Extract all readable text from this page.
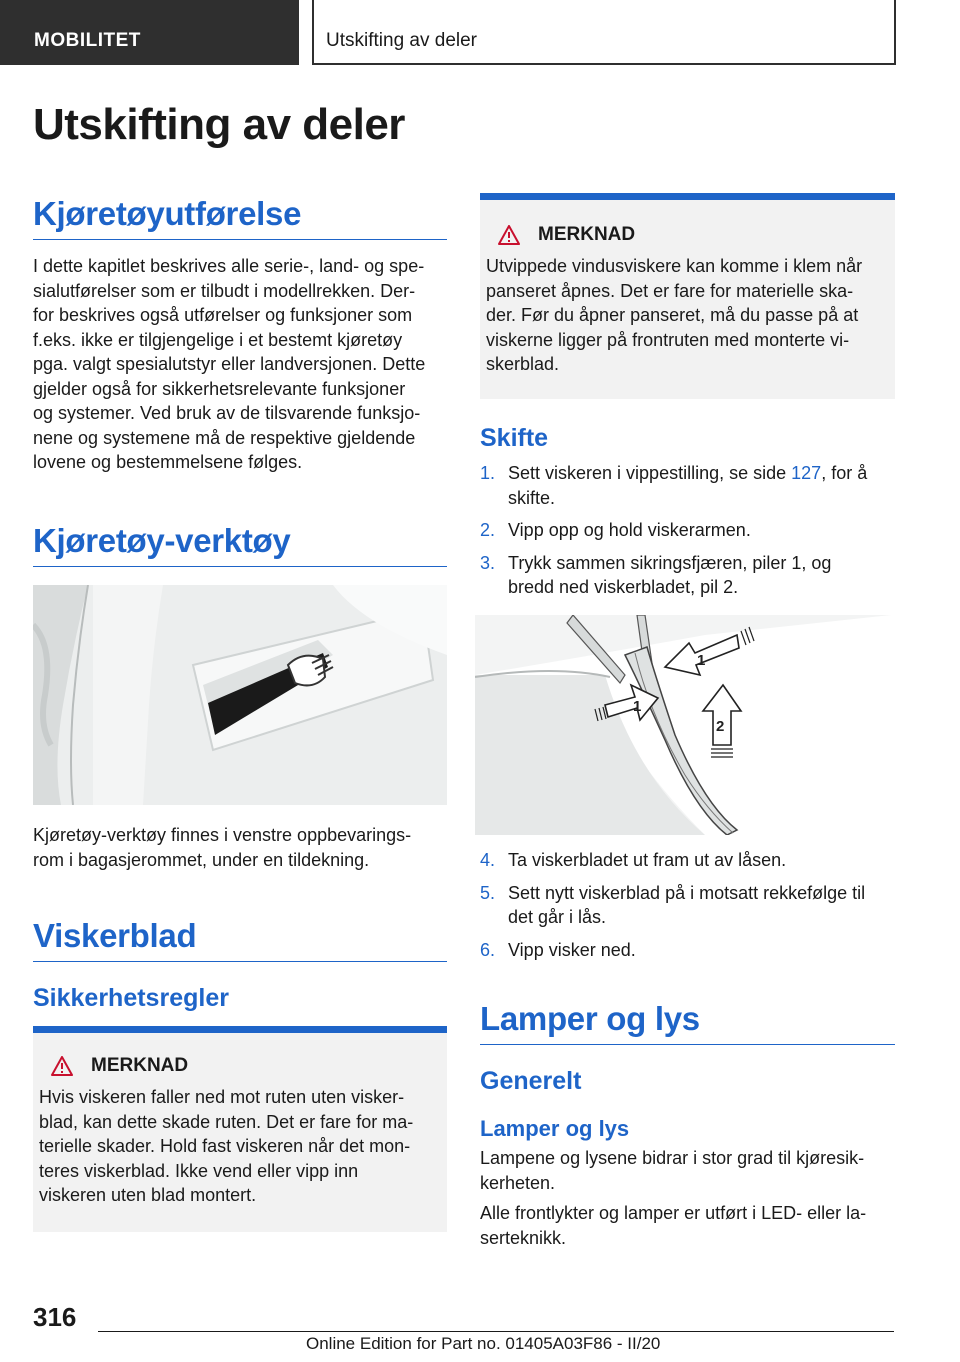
MOBILITET	Utskifting av deler
Utskifting av deler
Kjøretøyutførelse

I dette kapitlet beskrives alle serie-, land- og spe-
sialutførelser som er tilbudt i modellrekken. Der-
for beskrives også utførelser og funksjoner som
f.eks. ikke er tilgjengelige i et bestemt kjøretøy
pga. valgt spesialutstyr eller landversjonen. Dette
gjelder også for sikkerhetsrelevante funksjoner
og systemer. Ved bruk av de tilsvarende funksjo-
nene og systemene må de respektive gjeldende
lovene og bestemmelsene følges.

Kjøretøy-verktøy

Kjøretøy-verktøy finnes i venstre oppbevarings-
rom i bagasjerommet, under en tildekning.

Viskerblad
Sikkerhetsregler
MERKNAD

Hvis viskeren faller ned mot ruten uten visker-
blad, kan dette skade ruten. Det er fare for ma-
terielle skader. Hold fast viskeren når det mon-
teres viskerblad. Ikke vend eller vipp inn
viskeren uten blad montert.

MERKNAD

Utvippede vindusviskere kan komme i klem når
panseret åpnes. Det er fare for materielle ska-
der. Før du åpner panseret, må du passe på at
viskerne ligger på frontruten med monterte vi-
skerblad.

Skifte
1. Sett viskeren i vippestilling, se side 127, for å
skifte.
2. Vipp opp og hold viskerarmen.
3. Trykk sammen sikringsfjæren, piler 1, og
bredd ned viskerbladet, pil 2.
1
1
2
4. Ta viskerbladet ut fram ut av låsen.
5. Sett nytt viskerblad på i motsatt rekkefølge til
det går i lås.
6. Vipp visker ned.
Lamper og lys
Generelt
Lamper og lys

Lampene og lysene bidrar i stor grad til kjøresik-
kerheten.

Alle frontlykter og lamper er utført i LED- eller la-
serteknikk.

316
Online Edition for Part no. 01405A03F86 - II/20
